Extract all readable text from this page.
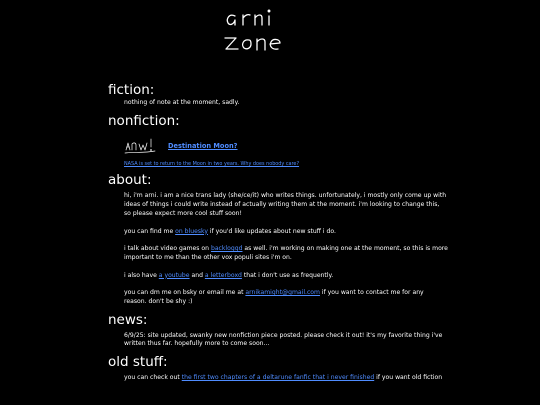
fiction:

nothing of note at the moment, sadly.

nonfiction:
Destination Moon?
NASA is set to return to the Moon in two years. Why does nobody care?
about:

hi, i'm arni. i am a nice trans lady (she/ce/it) who writes things. unfortunately, i mostly only come up with ideas of things i could write instead of actually writing them at the moment. i'm looking to change this, so please expect more cool stuff soon!

you can find me on bluesky if you'd like updates about new stuff i do.

i talk about video games on backloggd as well. i'm working on making one at the moment, so this is more important to me than the other vox populi sites i'm on.

i also have a youtube and a letterboxd that i don't use as frequently.

you can dm me on bsky or email me at arnikamight@gmail.com if you want to contact me for any reason. don't be shy :)

news:

6/9/25: site updated, swanky new nonfiction piece posted. please check it out! it's my favorite thing i've written thus far. hopefully more to come soon...

old stuff:

you can check out the first two chapters of a deltarune fanfic that i never finished if you want old fiction
